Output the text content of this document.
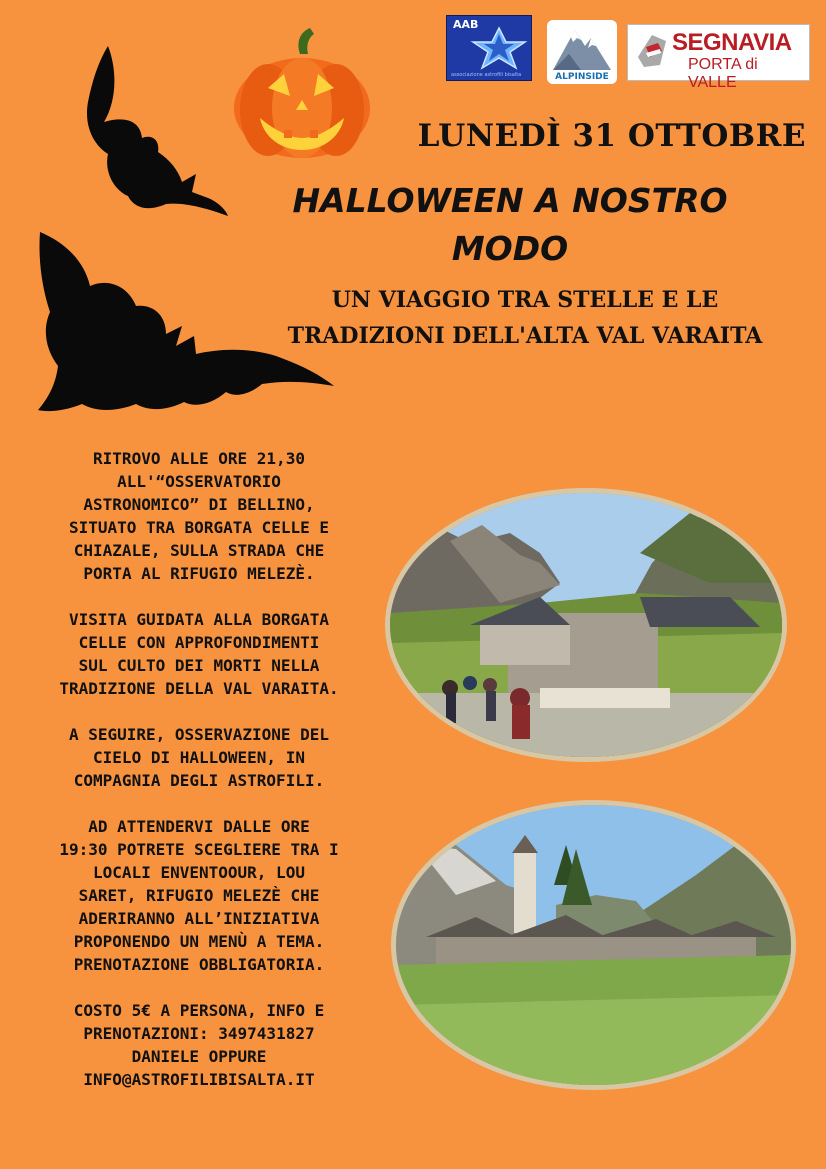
AAB
associazione astrofili bisalta	ALPINSIDE
SEGNAVIA
PORTA di VALLE
LUNEDÌ 31 OTTOBRE
HALLOWEEN A NOSTRO
MODO
UN VIAGGIO TRA STELLE E LE
TRADIZIONI DELL'ALTA VAL VARAITA

RITROVO ALLE ORE 21,30
ALL'“OSSERVATORIO
ASTRONOMICO” DI BELLINO,
SITUATO TRA BORGATA CELLE E
CHIAZALE, SULLA STRADA CHE
PORTA AL RIFUGIO MELEZÈ.

VISITA GUIDATA ALLA BORGATA
CELLE CON APPROFONDIMENTI
SUL CULTO DEI MORTI NELLA
TRADIZIONE DELLA VAL VARAITA.

A SEGUIRE, OSSERVAZIONE DEL
CIELO DI HALLOWEEN, IN
COMPAGNIA DEGLI ASTROFILI.

AD ATTENDERVI DALLE ORE
19:30 POTRETE SCEGLIERE TRA I
LOCALI ENVENTOOUR, LOU
SARET, RIFUGIO MELEZÈ CHE
ADERIRANNO ALL’INIZIATIVA
PROPONENDO UN MENÙ A TEMA.
PRENOTAZIONE OBBLIGATORIA.

COSTO 5€ A PERSONA, INFO E
PRENOTAZIONI: 3497431827
DANIELE OPPURE
INFO@ASTROFILIBISALTA.IT
